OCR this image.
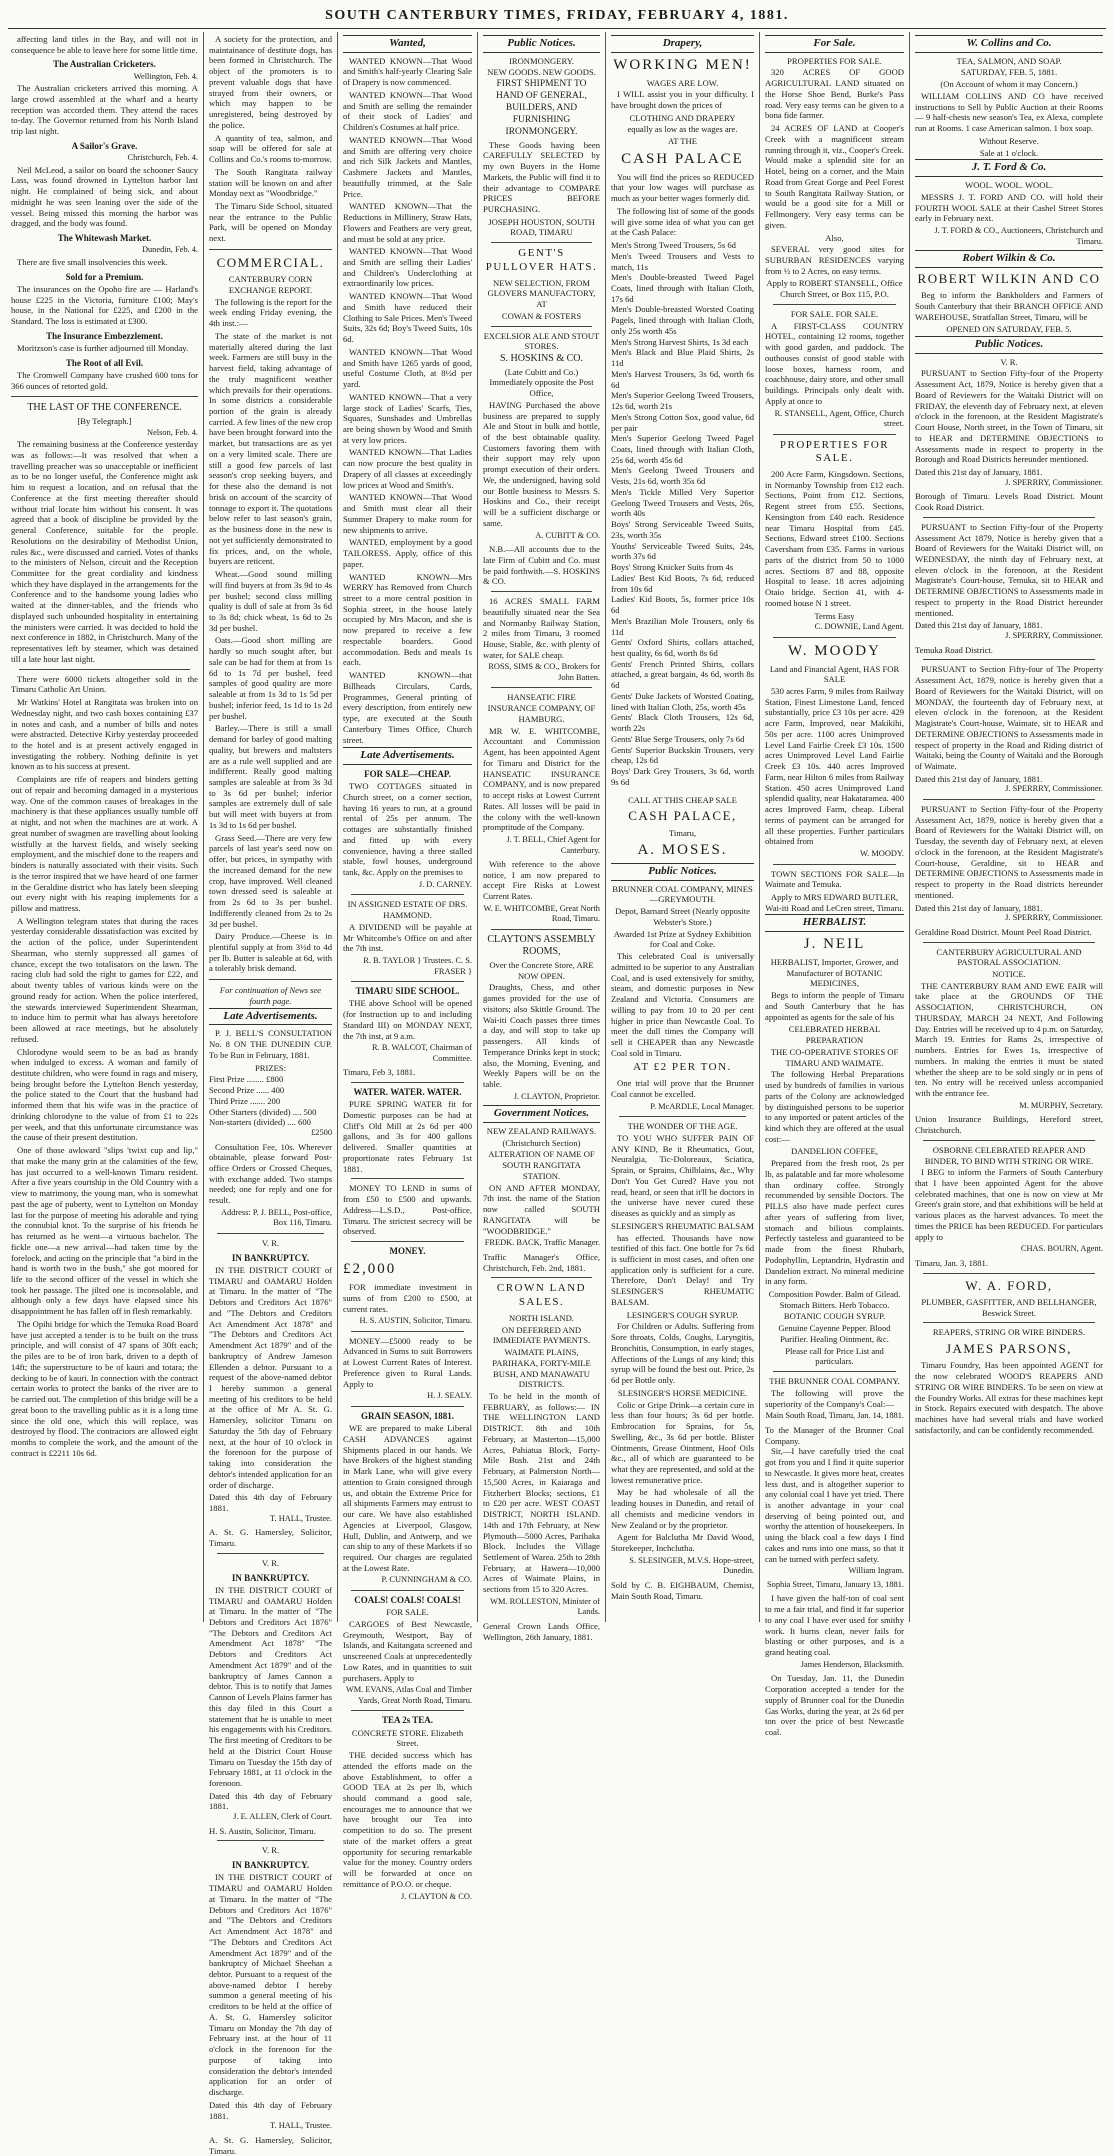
SOUTH CANTERBURY TIMES, FRIDAY, FEBRUARY 4, 1881.

affecting land titles in the Bay, and will not in consequence be able to leave here for some little time.

The Australian Cricketers.
Wellington, Feb. 4.

The Australian cricketers arrived this morning. A large crowd assembled at the wharf and a hearty reception was accorded them. They attend the races to-day. The Governor returned from his North Island trip last night.

A Sailor's Grave.
Christchurch, Feb. 4.

Neil McLeod, a sailor on board the schooner Saucy Lass, was found drowned in Lyttelton harbor last night. He complained of being sick, and about midnight he was seen leaning over the side of the vessel. Being missed this morning the harbor was dragged, and the body was found.

The Whitewash Market.
Dunedin, Feb. 4.

There are five small insolvencies this week.

Sold for a Premium.

The insurances on the Opoho fire are — Harland's house £225 in the Victoria, furniture £100; May's house, in the National for £225, and £200 in the Standard. The loss is estimated at £300.

The Insurance Embezzlement.

Moritzson's case is further adjourned till Monday.

The Root of all Evil.

The Cromwell Company have crushed 600 tons for 366 ounces of retorted gold.

THE LAST OF THE CONFERENCE.
[By Telegraph.]
Nelson, Feb. 4.

The remaining business at the Conference yesterday was as follows:—It was resolved that when a travelling preacher was so unacceptable or inefficient as to be no longer useful, the Conference might ask him to request a location, and on refusal that the Conference at the first meeting thereafter should without trial locate him without his consent. It was agreed that a book of discipline be provided by the general Conference, suitable for the people. Resolutions on the desirability of Methodist Union, rules &c., were discussed and carried. Votes of thanks to the ministers of Nelson, circuit and the Reception Committee for the great cordiality and kindness which they have displayed in the arrangements for the Conference and to the handsome young ladies who waited at the dinner-tables, and the friends who displayed such unbounded hospitality in entertaining the ministers were carried. It was decided to hold the next conference in 1882, in Christchurch. Many of the representatives left by steamer, which was detained till a late hour last night.

There were 6000 tickets altogether sold in the Timaru Catholic Art Union.

Mr Watkins' Hotel at Rangitata was broken into on Wednesday night, and two cash boxes containing £37 in notes and cash, and a number of bills and notes were abstracted. Detective Kirby yesterday proceeded to the hotel and is at present actively engaged in investigating the robbery. Nothing definite is yet known as to his success at present.

Complaints are rife of reapers and binders getting out of repair and becoming damaged in a mysterious way. One of the common causes of breakages in the machinery is that these appliances usually tumble off at night, and not when the machines are at work. A great number of swagmen are travelling about looking wistfully at the harvest fields, and wisely seeking employment, and the mischief done to the reapers and binders is naturally associated with their visits. Such is the terror inspired that we have heard of one farmer in the Geraldine district who has lately been sleeping out every night with his reaping implements for a pillow and mattress.

A Wellington telegram states that during the races yesterday considerable dissatisfaction was excited by the action of the police, under Superintendent Shearman, who sternly suppressed all games of chance, except the two totalisators on the lawn. The racing club had sold the right to games for £22, and about twenty tables of various kinds were on the ground ready for action. When the police interfered, the stewards interviewed Superintendent Shearman, to induce him to permit what has always heretofore been allowed at race meetings, but he absolutely refused.

Chlorodyne would seem to be as bad as brandy when indulged to excess. A woman and family of destitute children, who were found in rags and misery, being brought before the Lyttelton Bench yesterday, the police stated to the Court that the husband had informed them that his wife was in the practice of drinking chlorodyne to the value of from £1 to 22s per week, and that this unfortunate circumstance was the cause of their present destitution.

One of those awkward "slips 'twixt cup and lip," that make the many grin at the calamities of the few, has just occurred to a well-known Timaru resident. After a five years courtship in the Old Country with a view to matrimony, the young man, who is somewhat past the age of puberty, went to Lyttelton on Monday last for the purpose of meeting his adorable and tying the connubial knot. To the surprise of his friends he has returned as he went—a virtuous bachelor. The fickle one—a new arrival—had taken time by the forelock, and acting on the principle that "a bird in the hand is worth two in the bush," she got moored for life to the second officer of the vessel in which she took her passage. The jilted one is inconsolable, and although only a few days have elapsed since his disappointment he has fallen off in flesh remarkably.

The Opihi bridge for which the Temuka Road Board have just accepted a tender is to be built on the truss principle, and will consist of 47 spans of 30ft each; the piles are to be of iron bark, driven to a depth of 14ft; the superstructure to be of kauri and totara; the decking to be of kauri. In connection with the contract certain works to protect the banks of the river are to be carried out. The completion of this bridge will be a great boon to the travelling public as it is a long time since the old one, which this will replace, was destroyed by flood. The contractors are allowed eight months to complete the work, and the amount of the contract is £2211 10s 6d.

A society for the protection, and maintainance of destitute dogs, has been formed in Christchurch. The object of the promoters is to prevent valuable dogs that have strayed from their owners, or which may happen to be unregistered, being destroyed by the police.

A quantity of tea, salmon, and soap will be offered for sale at Collins and Co.'s rooms to-morrow.

The South Rangitata railway station will be known on and after Monday next as "Woodbridge."

The Timaru Side School, situated near the entrance to the Public Park, will be opened on Monday next.

COMMERCIAL.
CANTERBURY CORN EXCHANGE REPORT.

The following is the report for the week ending Friday evening, the 4th inst.:—

The state of the market is not materially altered during the last week. Farmers are still busy in the harvest field, taking advantage of the truly magnificent weather which prevails for their operations. In some districts a considerable portion of the grain is already carried. A few lines of the new crop have been brought forward into the market, but transactions are as yet on a very limited scale. There are still a good few parcels of last season's crop seeking buyers, and for these also the demand is not brisk on account of the scarcity of tonnage to export it. The quotations below refer to last season's grain, as the business done in the new is not yet sufficiently demonstrated to fix prices, and, on the whole, buyers are reticent.

Wheat.—Good sound milling will find buyers at from 3s 9d to 4s per bushel; second class milling quality is dull of sale at from 3s 6d to 3s 8d; chick wheat, 1s 6d to 2s 3d per bushel.

Oats.—Good short milling are hardly so much sought after, but sale can be had for them at from 1s 6d to 1s 7d per bushel, feed samples of good quality are more saleable at from 1s 3d to 1s 5d per bushel; inferior feed, 1s 1d to 1s 2d per bushel.

Barley.—There is still a small demand for barley of good malting quality, but brewers and maltsters are as a rule well supplied and are indifferent. Really good malting samples are saleable at from 3s 3d to 3s 6d per bushel; inferior samples are extremely dull of sale but will meet with buyers at from 1s 3d to 1s 6d per bushel.

Grass Seed.—There are very few parcels of last year's seed now on offer, but prices, in sympathy with the increased demand for the new crop, have improved. Well cleaned town dressed seed is saleable at from 2s 6d to 3s per bushel. Indifferently cleaned from 2s to 2s 3d per bushel.

Dairy Produce.—Cheese is in plentiful supply at from 3½d to 4d per lb. Butter is saleable at 6d, with a tolerably brisk demand.

For continuation of News see fourth page.
Late Advertisements.

P. J. BELL'S CONSULTATION No. 8 ON THE DUNEDIN CUP. To be Run in February, 1881.

PRIZES:
First Prize ........ £800
Second Prize ...... 400
Third Prize ....... 200
Other Starters (divided) .... 500
Non-starters (divided) .... 600
£2500

Consultation Fee, 10s. Wherever obtainable, please forward Post-office Orders or Crossed Cheques, with exchange added. Two stamps needed; one for reply and one for result.

Address: P. J. BELL, Post-office, Box 116, Timaru.
V. R.
IN BANKRUPTCY.

IN THE DISTRICT COURT of TIMARU and OAMARU Holden at Timaru. In the matter of "The Debtors and Creditors Act 1876" and "The Debtors and Creditors Act Amendment Act 1878" and "The Debtors and Creditors Act Amendment Act 1879" and of the bankruptcy of Andrew Jameson Ellenden a debtor. Pursuant to a request of the above-named debtor I hereby summon a general meeting of his creditors to be held at the office of Mr A. St. G. Hamersley, solicitor Timaru on Saturday the 5th day of February next, at the hour of 10 o'clock in the forenoon for the purpose of taking into consideration the debtor's intended application for an order of discharge.

Dated this 4th day of February 1881.
T. HALL, Trustee.
A. St. G. Hamersley, Solicitor, Timaru.
V. R.
IN BANKRUPTCY.

IN THE DISTRICT COURT of TIMARU and OAMARU Holden at Timaru. In the matter of "The Debtors and Creditors Act 1876" "The Debtors and Creditors Act Amendment Act 1878" "The Debtors and Creditors Act Amendment Act 1879" and of the bankruptcy of James Cannon a debtor. This is to notify that James Cannon of Levels Plains farmer has this day filed in this Court a statement that he is unable to meet his engagements with his Creditors. The first meeting of Creditors to be held at the District Court House Timaru on Tuesday the 15th day of February 1881, at 11 o'clock in the forenoon.

Dated this 4th day of February 1881.
J. E. ALLEN, Clerk of Court.
H. S. Austin, Solicitor, Timaru.
V. R.
IN BANKRUPTCY.

IN THE DISTRICT COURT of TIMARU and OAMARU Holden at Timaru. In the matter of "The Debtors and Creditors Act 1876" and "The Debtors and Creditors Act Amendment Act 1878" and "The Debtors and Creditors Act Amendment Act 1879" and of the bankruptcy of Michael Sheehan a debtor. Pursuant to a request of the above-named debtor I hereby summon a general meeting of his creditors to be held at the office of A. St. G. Hamersley solicitor Timaru on Monday the 7th day of February inst. at the hour of 11 o'clock in the forenoon for the purpose of taking into consideration the debtor's intended application for an order of discharge.

Dated this 4th day of February 1881.
T. HALL, Trustee.
A. St. G. Hamersley, Solicitor, Timaru.
Wanted,

WANTED KNOWN—That Wood and Smith's half-yearly Clearing Sale of Drapery is now commenced.

WANTED KNOWN—That Wood and Smith are selling the remainder of their stock of Ladies' and Children's Costumes at half price.

WANTED KNOWN—That Wood and Smith are offering very choice and rich Silk Jackets and Mantles, Cashmere Jackets and Mantles, beautifully trimmed, at the Sale Price.

WANTED KNOWN—That the Reductions in Millinery, Straw Hats, Flowers and Feathers are very great, and must be sold at any price.

WANTED KNOWN—That Wood and Smith are selling their Ladies' and Children's Underclothing at extraordinarily low prices.

WANTED KNOWN—That Wood and Smith have reduced their Clothing to Sale Prices. Men's Tweed Suits, 32s 6d; Boy's Tweed Suits, 10s 6d.

WANTED KNOWN—That Wood and Smith have 1265 yards of good, useful Costume Cloth, at 8½d per yard.

WANTED KNOWN—That a very large stock of Ladies' Scarfs, Ties, Squares, Sunshades and Umbrellas are being shown by Wood and Smith at very low prices.

WANTED KNOWN—That Ladies can now procure the best quality in Drapery of all classes at exceedingly low prices at Wood and Smith's.

WANTED KNOWN—That Wood and Smith must clear all their Summer Drapery to make room for new shipments to arrive.

WANTED, employment by a good TAILORESS. Apply, office of this paper.

WANTED KNOWN—Mrs WERRY has Removed from Church street to a more central position in Sophia street, in the house lately occupied by Mrs Macon, and she is now prepared to receive a few respectable boarders. Good accommodation. Beds and meals 1s each.

WANTED KNOWN—that Billheads Circulars, Cards, Programmes, General printing of every description, from entirely new type, are executed at the South Canterbury Times Office, Church street.

Late Advertisements.
FOR SALE—CHEAP.

TWO COTTAGES situated in Church street, on a corner section, having 16 years to run, at a ground rental of 25s per annum. The cottages are substantially finished and fitted up with every convenience, having a three stalled stable, fowl houses, underground tank, &c. Apply on the premises to

J. D. CARNEY.
IN ASSIGNED ESTATE OF DRS. HAMMOND.

A DIVIDEND will be payable at Mr Whitcombe's Office on and after the 7th inst.

R. B. TAYLOR } Trustees. C. S. FRASER }
TIMARU SIDE SCHOOL.

THE above School will be opened (for Instruction up to and including Standard III) on MONDAY NEXT, the 7th inst, at 9 a.m.

R. B. WALCOT, Chairman of Committee.
Timaru, Feb 3, 1881.
WATER. WATER. WATER.

PURE SPRING WATER fit for Domestic purposes can be had at Cliff's Old Mill at 2s 6d per 400 gallons, and 3s for 400 gallons delivered. Smaller quantities at proportionate rates February 1st 1881.

MONEY TO LEND in sums of from £50 to £500 and upwards. Address—L.S.D., Post-office, Timaru. The strictest secrecy will be observed.

MONEY.
£2,000

FOR immediate investment in sums of from £200 to £500, at current rates.

H. S. AUSTIN, Solicitor, Timaru.

MONEY—£5000 ready to be Advanced in Sums to suit Borrowers at Lowest Current Rates of Interest. Preference given to Rural Lands. Apply to

H. J. SEALY.
GRAIN SEASON, 1881.

WE are prepared to make Liberal CASH ADVANCES against Shipments placed in our hands. We have Brokers of the highest standing in Mark Lane, who will give every attention to Grain consigned through us, and obtain the Extreme Price for all shipments Farmers may entrust to our care. We have also established Agencies at Liverpool, Glasgow, Hull, Dublin, and Antwerp, and we can ship to any of these Markets if so required. Our charges are regulated at the Lowest Rate.

P. CUNNINGHAM & CO.
COALS! COALS! COALS!
FOR SALE.

CARGOES of Best Newcastle, Greymouth, Westport, Bay of Islands, and Kaitangata screened and unscreened Coals at unprecedentedly Low Rates, and in quantities to suit purchasers. Apply to

WM. EVANS, Atlas Coal and Timber Yards, Great North Road, Timaru.
TEA 2s TEA.
CONCRETE STORE. Elizabeth Street.

THE decided success which has attended the efforts made on the above Establishment, to offer a GOOD TEA at 2s per lb, which should command a good sale, encourages me to announce that we have brought our Tea into competition to do so. The present state of the market offers a great opportunity for securing remarkable value for the money. Country orders will be forwarded at once on remittance of P.O.O. or cheque.

J. CLAYTON & CO.
Public Notices.
IRONMONGERY.
NEW GOODS. NEW GOODS.
FIRST SHIPMENT TO HAND OF GENERAL, BUILDERS, AND FURNISHING IRONMONGERY.

These Goods having been CAREFULLY SELECTED by my own Buyers in the Home Markets, the Public will find it to their advantage to COMPARE PRICES BEFORE PURCHASING.

JOSEPH HOUSTON, SOUTH ROAD, TIMARU
GENT'S PULLOVER HATS.
NEW SELECTION, FROM GLOVERS MANUFACTORY, AT
COWAN & FOSTERS
EXCELSIOR ALE AND STOUT STORES.
S. HOSKINS & CO.
(Late Cubitt and Co.) Immediately opposite the Post Office,

HAVING Purchased the above business are prepared to supply Ale and Stout in bulk and bottle, of the best obtainable quality. Customers favoring them with their support may rely upon prompt execution of their orders. We, the undersigned, having sold our Bottle business to Messrs S. Hoskins and Co., their receipt will be a sufficient discharge or same.

A. CUBITT & CO.

N.B.—All accounts due to the late Firm of Cubitt and Co. must be paid forthwith.—S. HOSKINS & CO.

16 ACRES SMALL FARM beautifully situated near the Sea and Normanby Railway Station, 2 miles from Timaru, 3 roomed House, Stable, &c. with plenty of water, for SALE cheap.

ROSS, SIMS & CO., Brokers for John Batten.
HANSEATIC FIRE INSURANCE COMPANY, OF HAMBURG.

MR W. E. WHITCOMBE, Accountant and Commission Agent, has been appointed Agent for Timaru and District for the HANSEATIC INSURANCE COMPANY, and is now prepared to accept risks at Lowest Current Rates. All losses will be paid in the colony with the well-known promptitude of the Company.

J. T. BELL, Chief Agent for Canterbury.

With reference to the above notice, I am now prepared to accept Fire Risks at Lowest Current Rates.

W. E. WHITCOMBE, Great North Road, Timaru.
CLAYTON'S ASSEMBLY ROOMS,
Over the Concrete Store, ARE NOW OPEN.

Draughts, Chess, and other games provided for the use of visitors; also Skittle Ground. The Wai-iti Coach passes three times a day, and will stop to take up passengers. All kinds of Temperance Drinks kept in stock; also, the Morning, Evening, and Weekly Papers will be on the table.

J. CLAYTON, Proprietor.
Government Notices.
NEW ZEALAND RAILWAYS.
(Christchurch Section)
ALTERATION OF NAME OF SOUTH RANGITATA STATION.

ON AND AFTER MONDAY, 7th inst. the name of the Station now called SOUTH RANGITATA will be "WOODBRIDGE."

FREDK. BACK, Traffic Manager.
Traffic Manager's Office, Christchurch, Feb. 2nd, 1881.
CROWN LAND SALES.
NORTH ISLAND.
ON DEFERRED AND IMMEDIATE PAYMENTS.
WAIMATE PLAINS, PARIHAKA, FORTY-MILE BUSH, AND MANAWATU DISTRICTS.

To be held in the month of FEBRUARY, as follows:— IN THE WELLINGTON LAND DISTRICT. 8th and 10th February, at Masterton—15,000 Acres, Pahiatua Block, Forty-Mile Bush. 21st and 24th February, at Palmerston North—15,500 Acres, in Kaiaraga and Fitzherbert Blocks; sections, £1 to £20 per acre. WEST COAST DISTRICT, NORTH ISLAND. 14th and 17th February, at New Plymouth—5000 Acres, Parihaka Block. Includes the Village Settlement of Warea. 25th to 28th February, at Hawera—10,000 Acres of Waimate Plains, in sections from 15 to 320 Acres.

WM. ROLLESTON, Minister of Lands.
General Crown Lands Office, Wellington, 26th January, 1881.
Drapery,
WORKING MEN!
WAGES ARE LOW.

I WILL assist you in your difficulty. I have brought down the prices of

CLOTHING AND DRAPERY
equally as low as the wages are.
AT THE
CASH PALACE

You will find the prices so REDUCED that your low wages will purchase as much as your better wages formerly did.

The following list of some of the goods will give some idea of what you can get at the Cash Palace:

Men's Strong Tweed Trousers, 5s 6d
Men's Tweed Trousers and Vests to match, 11s
Men's Double-breasted Tweed Pagel Coats, lined through with Italian Cloth, 17s 6d
Men's Double-breasted Worsted Coating Pagels, lined through with Italian Cloth, only 25s worth 45s
Men's Strong Harvest Shirts, 1s 3d each
Men's Black and Blue Plaid Shirts, 2s 11d
Men's Harvest Trousers, 3s 6d, worth 6s 6d
Men's Superior Geelong Tweed Trousers, 12s 6d, worth 21s
Men's Strong Cotton Sox, good value, 6d per pair
Men's Superior Geelong Tweed Pagel Coats, lined through with Italian Cloth, 25s 6d, worth 45s 6d
Men's Geelong Tweed Trousers and Vests, 21s 6d, worth 35s 6d
Men's Tickle Milled Very Superior Geelong Tweed Trousers and Vests, 26s, worth 40s
Boys' Strong Serviceable Tweed Suits, 23s, worth 35s
Youths' Serviceable Tweed Suits, 24s, worth 37s 6d
Boys' Strong Knicker Suits from 4s
Ladies' Best Kid Boots, 7s 6d, reduced from 10s 6d
Ladies' Kid Boots, 5s, former price 10s 6d
Men's Brazilian Mole Trousers, only 6s 11d
Gents' Oxford Shirts, collars attached, best quality, 6s 6d, worth 8s 6d
Gents' French Printed Shirts, collars attached, a great bargain, 4s 6d, worth 8s 6d
Gents' Duke Jackets of Worsted Coating, lined with Italian Cloth, 25s, worth 45s
Gents' Black Cloth Trousers, 12s 6d, worth 22s
Gents' Blue Serge Trousers, only 7s 6d
Gents' Superior Buckskin Trousers, very cheap, 12s 6d
Boys' Dark Grey Trousers, 3s 6d, worth 9s 6d
CALL AT THIS CHEAP SALE
CASH PALACE,
Timaru,
A. MOSES.
Public Notices.
BRUNNER COAL COMPANY, MINES—GREYMOUTH.
Depot, Barnard Street (Nearly opposite Webster's Store.)
Awarded 1st Prize at Sydney Exhibition for Coal and Coke.

This celebrated Coal is universally admitted to be superior to any Australian Coal, and is used extensively for smithy, steam, and domestic purposes in New Zealand and Victoria. Consumers are willing to pay from 10 to 20 per cent higher in price than Newcastle Coal. To meet the dull times the Company will sell it CHEAPER than any Newcastle Coal sold in Timaru.

AT £2 PER TON.

One trial will prove that the Brunner Coal cannot be excelled.

P. McARDLE, Local Manager.
THE WONDER OF THE AGE.

TO YOU WHO SUFFER PAIN OF ANY KIND, Be it Rheumatics, Gout, Neuralgia, Tic-Doloreaux, Sciatica, Sprain, or Sprains, Chilblains, &c., Why Don't You Get Cured? Have you not read, heard, or seen that it'll be doctors in the universe have never cured these diseases as quickly and as simply as

SLESINGER'S RHEUMATIC BALSAM

has effected. Thousands have now testified of this fact. One bottle for 7s 6d is sufficient in most cases, and often one application only is sufficient for a cure. Therefore, Don't Delay! and Try SLESINGER'S RHEUMATIC BALSAM.

LESINGER'S COUGH SYRUP.

For Children or Adults. Suffering from Sore throats, Colds, Coughs, Laryngitis, Bronchitis, Consumption, in early stages, Affections of the Lungs of any kind; this syrup will be found the best out. Price, 2s 6d per Bottle only.

SLESINGER'S HORSE MEDICINE.

Colic or Gripe Drink—a certain cure in less than four hours; 3s 6d per bottle. Embrocation for Sprains, for 5s, Swelling, &c., 3s 6d per bottle. Blister Ointments, Grease Ointment, Hoof Oils &c., all of which are guaranteed to be what they are represented, and sold at the lowest remunerative price.

May be had wholesale of all the leading houses in Dunedin, and retail of all chemists and medicine vendors in New Zealand or by the proprietor.

Agent for Balclutha Mr David Wood, Storekeeper, Inchclutha.

S. SLESINGER, M.V.S. Hope-street, Dunedin.
Sold by C. B. EIGHBAUM, Chemist, Main South Road, Timaru.
For Sale.
PROPERTIES FOR SALE.

320 ACRES OF GOOD AGRICULTURAL LAND situated on the Horse Shoe Bend, Burke's Pass road. Very easy terms can be given to a bona fide farmer.

24 ACRES OF LAND at Cooper's Creek with a magnificent stream running through it, viz., Cooper's Creek. Would make a splendid site for an Hotel, being on a corner, and the Main Road from Great Gorge and Peel Forest to South Rangitata Railway Station, or would be a good site for a Mill or Fellmongery. Very easy terms can be given.

Also,

SEVERAL very good sites for SUBURBAN RESIDENCES varying from ½ to 2 Acres, on easy terms.

Apply to ROBERT STANSELL, Office Church Street, or Box 115, P.O.
FOR SALE. FOR SALE.

A FIRST-CLASS COUNTRY HOTEL, containing 12 rooms, together with good garden, and paddock. The outhouses consist of good stable with loose boxes, harness room, and coachhouse, dairy store, and other small buildings. Principals only dealt with. Apply at once to

R. STANSELL, Agent, Office, Church street.
PROPERTIES FOR SALE.

200 Acre Farm, Kingsdown. Sections, in Normanby Township from £12 each. Sections, Point from £12. Sections, Regent street from £55. Sections, Kensington from £40 each. Residence near Timaru Hospital from £45. Sections, Edward street £100. Sections Caversham from £35. Farms in various parts of the district from 50 to 1000 acres. Sections 87 and 88, opposite Hospital to lease. 18 acres adjoining Otaio bridge. Section 41, with 4-roomed house N 1 street.

Terms Easy
C. DOWNIE, Land Agent.
W. MOODY
Land and Financial Agent, HAS FOR SALE

530 acres Farm, 9 miles from Railway Station, Finest Limestone Land, fenced substantially, price £3 10s per acre. 429 acre Farm, Improved, near Makikihi, 50s per acre. 1100 acres Unimproved Level Land Fairlie Creek £3 10s. 1500 acres Unimproved Level Land Fairlie Creek £3 10s. 440 acres Improved Farm, near Hilton 6 miles from Railway Station. 450 acres Unimproved Land splendid quality, near Hakataramea. 400 acres Improved Farm, cheap. Liberal terms of payment can be arranged for all these properties. Further particulars obtained from

W. MOODY.

TOWN SECTIONS FOR SALE—In Waimate and Temuka.

Apply to MRS EDWARD BUTLER, Wai-iti Road and LeCren street, Timaru.
HERBALIST.
J. NEIL
HERBALIST, Importer, Grower, and Manufacturer of BOTANIC MEDICINES,

Begs to inform the people of Timaru and South Canterbury that he has appointed as agents for the sale of his

CELEBRATED HERBAL PREPARATION
THE CO-OPERATIVE STORES OF TIMARU AND WAIMATE.

The following Herbal Preparations used by hundreds of families in various parts of the Colony are acknowledged by distinguished persons to be superior to any imported or patent articles of the kind which they are offered at the usual cost:—

DANDELION COFFEE,

Prepared from the fresh root, 2s per lb, as palatable and far more wholesome than ordinary coffee. Strongly recommended by sensible Doctors. The PILLS also have made perfect cures after years of suffering from liver, stomach and bilious complaints. Perfectly tasteless and guaranteed to be made from the finest Rhubarb, Podophyllin, Leptandrin, Hydrastin and Dandelion extract. No mineral medicine in any form.

Composition Powder. Balm of Gilead. Stomach Bitters. Herb Tobacco.
BOTANIC COUGH SYRUP.
Genuine Cayenne Pepper. Blood Purifier. Healing Ointment, &c.
Please call for Price List and particulars.
THE BRUNNER COAL COMPANY.

The following will prove the superiority of the Company's Coal:—

Main South Road, Timaru, Jan. 14, 1881.
To the Manager of the Brunner Coal Company.

Sir,—I have carefully tried the coal got from you and I find it quite superior to Newcastle. It gives more heat, creates less dust, and is altogether superior to any colonial coal I have yet tried. There is another advantage in your coal deserving of being pointed out, and worthy the attention of housekeepers. In using the black coal a few days I find cakes and runs into one mass, so that it can be turned with perfect safety.

William Ingram.
Sophia Street, Timaru, January 13, 1881.

I have given the half-ton of coal sent to me a fair trial, and find it far superior to any coal I have ever used for smithy work. It burns clean, never fails for blasting or other purposes, and is a grand heating coal.

James Henderson, Blacksmith.

On Tuesday, Jan. 11, the Dunedin Corporation accepted a tender for the supply of Brunner coal for the Dunedin Gas Works, during the year, at 2s 6d per ton over the price of best Newcastle coal.

W. Collins and Co.
TEA, SALMON, AND SOAP.
SATURDAY, FEB. 5, 1881.
(On Account of whom it may Concern.)

WILLIAM COLLINS AND CO have received instructions to Sell by Public Auction at their Rooms — 9 half-chests new season's Tea, ex Alexa, complete run at Rooms. 1 case American salmon. 1 box soap.

Without Reserve.
Sale at 1 o'clock.
J. T. Ford & Co.
WOOL. WOOL. WOOL.

MESSRS J. T. FORD AND CO. will hold their FOURTH WOOL SALE at their Cashel Street Stores early in February next.

J. T. FORD & CO., Auctioneers, Christchurch and Timaru.
Robert Wilkin & Co.
ROBERT WILKIN AND CO

Beg to inform the Bankholders and Farmers of South Canterbury that their BRANCH OFFICE AND WAREHOUSE, Stratfallan Street, Timaru, will be

OPENED ON SATURDAY, FEB. 5.
Public Notices.
V. R.

PURSUANT to Section Fifty-four of the Property Assessment Act, 1879, Notice is hereby given that a Board of Reviewers for the Waitaki District will on FRIDAY, the eleventh day of February next, at eleven o'clock in the forenoon, at the Resident Magistrate's Court House, North street, in the Town of Timaru, sit to HEAR and DETERMINE OBJECTIONS to Assessments made in respect to property in the Borough and Road Districts hereunder mentioned.

Dated this 21st day of January, 1881.
J. SPERRRY, Commissioner.
Borough of Timaru. Levels Road District. Mount Cook Road District.

PURSUANT to Section Fifty-four of the Property Assessment Act 1879, Notice is hereby given that a Board of Reviewers for the Waitaki District will, on WEDNESDAY, the ninth day of February next, at eleven o'clock in the forenoon, at the Resident Magistrate's Court-house, Temuka, sit to HEAR and DETERMINE OBJECTIONS to Assessments made in respect to property in the Road District hereunder mentioned.

Dated this 21st day of January, 1881.
J. SPERRRY, Commissioner.
Temuka Road District.

PURSUANT to Section Fifty-four of The Property Assessment Act, 1879, notice is hereby given that a Board of Reviewers for the Waitaki District, will on MONDAY, the fourteenth day of February next, at eleven o'clock in the forenoon, at the Resident Magistrate's Court-house, Waimate, sit to HEAR and DETERMINE OBJECTIONS to Assessments made in respect of property in the Road and Riding district of Waitaki, being the County of Waitaki and the Borough of Waimate.

Dated this 21st day of January, 1881.
J. SPERRRY, Commissioner.

PURSUANT to Section Fifty-four of the Property Assessment Act, 1879, notice is hereby given that a Board of Reviewers for the Waitaki District will, on Tuesday, the seventh day of February next, at eleven o'clock in the forenoon, at the Resident Magistrate's Court-house, Geraldine, sit to HEAR and DETERMINE OBJECTIONS to Assessments made in respect to property in the Road districts hereunder mentioned.

Dated this 21st day of January, 1881.
J. SPERRRY, Commissioner.
Geraldine Road District. Mount Peel Road District.
CANTERBURY AGRICULTURAL AND PASTORAL ASSOCIATION.
NOTICE.

THE CANTERBURY RAM AND EWE FAIR will take place at the GROUNDS OF THE ASSOCIATION, CHRISTCHURCH, ON THURSDAY, MARCH 24 NEXT, And Following Day. Entries will be received up to 4 p.m. on Saturday, March 19. Entries for Rams 2s, irrespective of numbers. Entries for Ewes 1s, irrespective of numbers. In making the entries it must be stated whether the sheep are to be sold singly or in pens of ten. No entry will be received unless accompanied with the entrance fee.

M. MURPHY, Secretary.
Union Insurance Buildings, Hereford street, Christchurch.
OSBORNE CELEBRATED REAPER AND BINDER, TO BIND WITH STRING OR WIRE.

I BEG to inform the Farmers of South Canterbury that I have been appointed Agent for the above celebrated machines, that one is now on view at Mr Green's grain store, and that exhibitions will be held at various places as the harvest advances. To meet the times the PRICE has been REDUCED. For particulars apply to

CHAS. BOURN, Agent.
Timaru, Jan. 3, 1881.
W. A. FORD,
PLUMBER, GASFITTER, AND BELLHANGER, Beswick Street.
REAPERS, STRING OR WIRE BINDERS.
JAMES PARSONS,

Timaru Foundry, Has been appointed AGENT for the now celebrated WOOD'S REAPERS AND STRING OR WIRE BINDERS. To be seen on view at the Foundry Works. All extras for these machines kept in Stock. Repairs executed with despatch. The above machines have had several trials and have worked satisfactorily, and can be confidently recommended.
